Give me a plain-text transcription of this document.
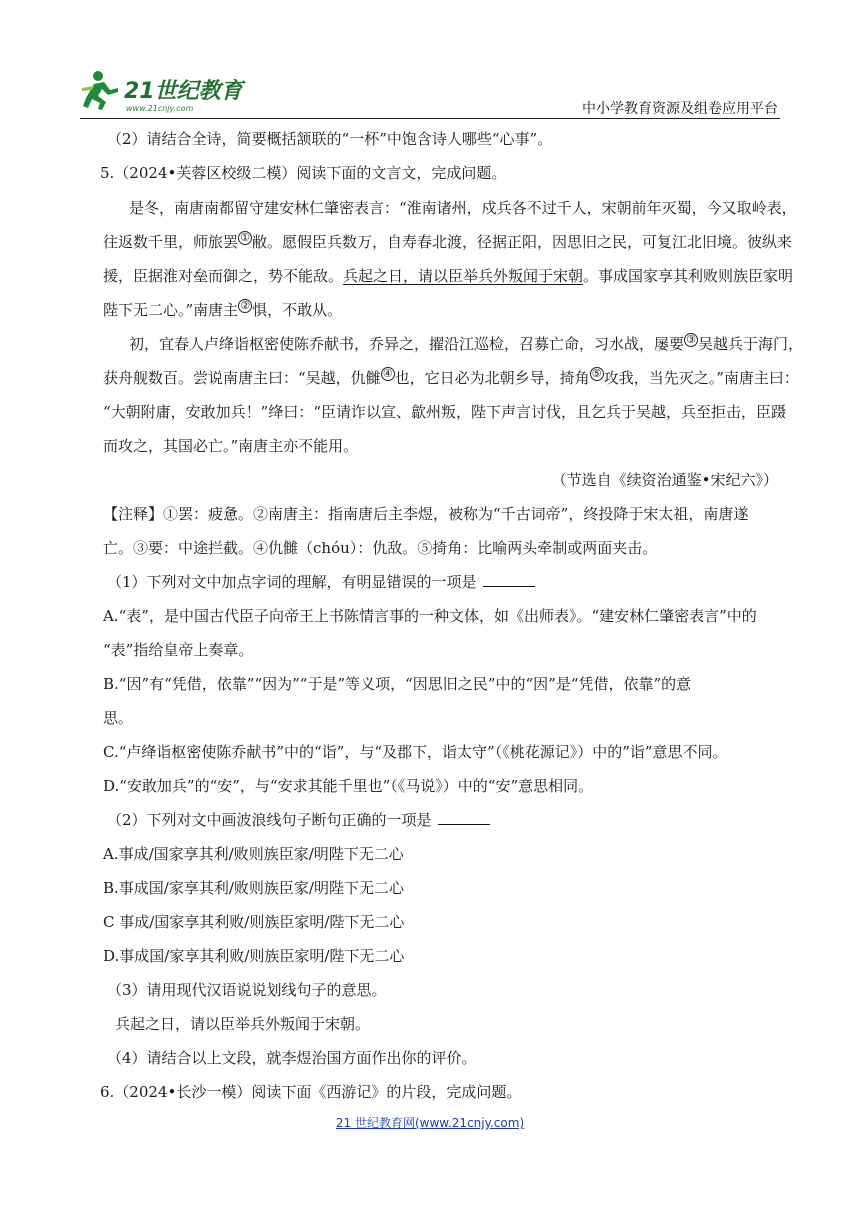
21世纪教育
www.21cnjy.com	中小学教育资源及组卷应用平台
（2）请结合全诗，简要概括颔联的“一杯”中饱含诗人哪些“心事”。
5.（2024•芙蓉区校级二模）阅读下面的文言文，完成问题。
是冬，南唐南都留守建安林仁肇密表言：“淮南诸州，戍兵各不过千人，宋朝前年灭蜀，今又取岭表，
往返数千里，师旅罢 ① 敝。愿假臣兵数万，自寿春北渡，径据正阳，因思旧之民，可复江北旧境。彼纵来
援，臣据淮对垒而御之，势不能敌。兵起之日，请以臣举兵外叛闻于宋朝。事成国家享其利败则族臣家明
陛下无二心。”南唐主 ② 惧，不敢从。
初，宜春人卢绛诣枢密使陈乔献书，乔异之，擢沿江巡检，召募亡命，习水战，屡要 ③ 吴越兵于海门，
获舟舰数百。尝说南唐主曰：“吴越，仇雠 ④ 也，它日必为北朝乡导，掎角 ⑤ 攻我，当先灭之。”南唐主曰：
“大朝附庸，安敢加兵！”绛曰：“臣请诈以宣、歙州叛，陛下声言讨伐，且乞兵于吴越，兵至拒击，臣蹑
而攻之，其国必亡。”南唐主亦不能用。
（节选自《续资治通鉴•宋纪六》）
【注释】①罢：疲惫。②南唐主：指南唐后主李煜，被称为“千古词帝”，终投降于宋太祖，南唐遂
亡。③要：中途拦截。④仇雠（chóu）：仇敌。⑤掎角：比喻两头牵制或两面夹击。
（1）下列对文中加点字词的理解，有明显错误的一项是
A.“表”，是中国古代臣子向帝王上书陈情言事的一种文体，如《出师表》。“建安林仁肇密表言”中的
“表”指给皇帝上奏章。
B.“因”有“凭借，依靠”“因为”“于是”等义项，“因思旧之民”中的“因”是“凭借，依靠”的意
思。
C.“卢绛诣枢密使陈乔献书”中的“诣”，与“及郡下，诣太守”（《桃花源记》）中的”诣”意思不同。
D.“安敢加兵”的“安”，与“安求其能千里也”（《马说》）中的“安”意思相同。
（2）下列对文中画波浪线句子断句正确的一项是
A.事成/国家享其利/败则族臣家/明陛下无二心
B.事成国/家享其利/败则族臣家/明陛下无二心
C 事成/国家享其利败/则族臣家明/陛下无二心
D.事成国/家享其利败/则族臣家明/陛下无二心
（3）请用现代汉语说说划线句子的意思。
兵起之日，请以臣举兵外叛闻于宋朝。
（4）请结合以上文段，就李煜治国方面作出你的评价。
6.（2024•长沙一模）阅读下面《西游记》的片段，完成问题。
21 世纪教育网(www.21cnjy.com)
